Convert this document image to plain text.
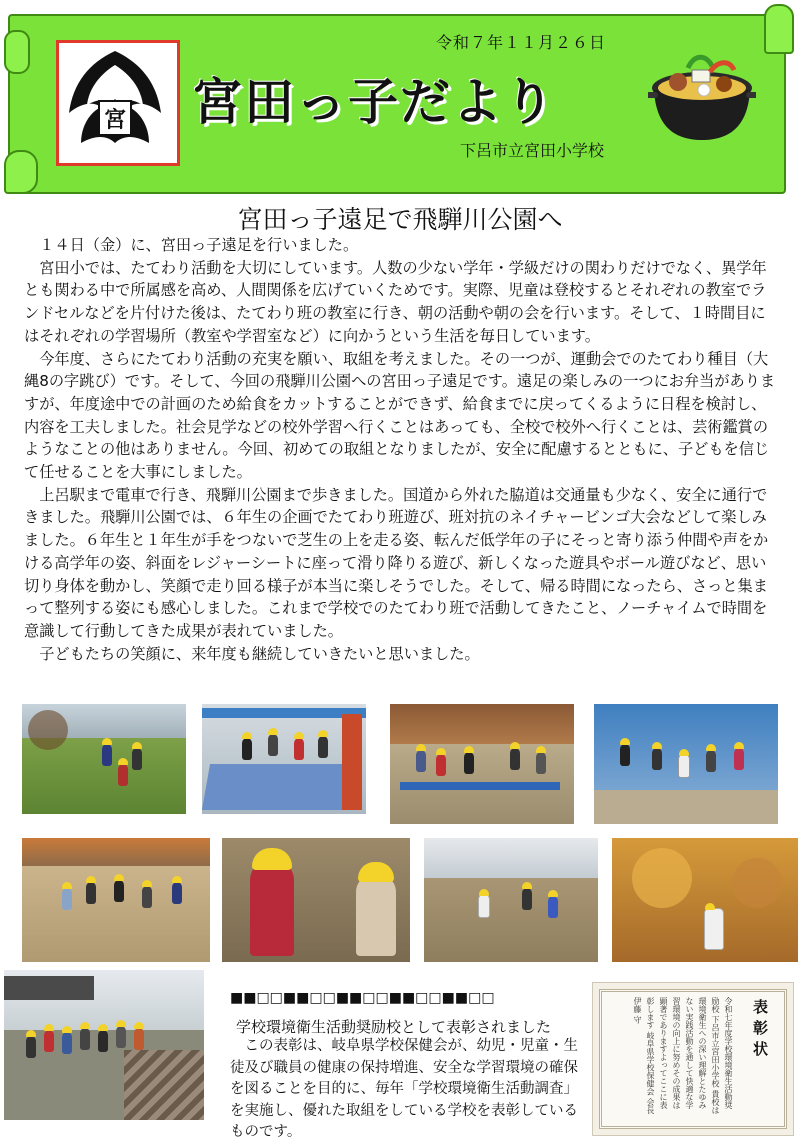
宮
令和７年１１月２６日
宮田っ子だより
下呂市立宮田小学校
宮田っ子遠足で飛騨川公園へ

１４日（金）に、宮田っ子遠足を行いました。

宮田小では、たてわり活動を大切にしています。人数の少ない学年・学級だけの関わりだけでなく、異学年とも関わる中で所属感を高め、人間関係を広げていくためです。実際、児童は登校するとそれぞれの教室でランドセルなどを片付けた後は、たてわり班の教室に行き、朝の活動や朝の会を行います。そして、１時間目にはそれぞれの学習場所（教室や学習室など）に向かうという生活を毎日しています。

今年度、さらにたてわり活動の充実を願い、取組を考えました。その一つが、運動会でのたてわり種目（大縄8の字跳び）です。そして、今回の飛騨川公園への宮田っ子遠足です。遠足の楽しみの一つにお弁当がありますが、年度途中での計画のため給食をカットすることができず、給食までに戻ってくるように日程を検討し、内容を工夫しました。社会見学などの校外学習へ行くことはあっても、全校で校外へ行くことは、芸術鑑賞のようなことの他はありません。今回、初めての取組となりましたが、安全に配慮するとともに、子どもを信じて任せることを大事にしました。

上呂駅まで電車で行き、飛騨川公園まで歩きました。国道から外れた脇道は交通量も少なく、安全に通行できました。飛騨川公園では、６年生の企画でたてわり班遊び、班対抗のネイチャービンゴ大会などして楽しみました。６年生と１年生が手をつないで芝生の上を走る姿、転んだ低学年の子にそっと寄り添う仲間や声をかける高学年の姿、斜面をレジャーシートに座って滑り降りる遊び、新しくなった遊具やボール遊びなど、思い切り身体を動かし、笑顔で走り回る様子が本当に楽しそうでした。そして、帰る時間になったら、さっと集まって整列する姿にも感心しました。これまで学校でのたてわり班で活動してきたこと、ノーチャイムで時間を意識して行動してきた成果が表れていました。

子どもたちの笑顔に、来年度も継続していきたいと思いました。

■■□□■■□□■■□□■■□□■■□□
学校環境衛生活動奨励校として表彰されました

この表彰は、岐阜県学校保健会が、幼児・児童・生徒及び職員の健康の保持増進、安全な学習環境の確保を図ることを目的に、毎年「学校環境衛生活動調査」を実施し、優れた取組をしている学校を表彰しているものです。

表彰状
令和七年度学校環境衛生活動奨励校 下呂市立宮田小学校 貴校は環境衛生への深い理解とたゆみない実践活動を通して快適な学習環境の向上に努めその成果は顕著でありますよってここに表彰します 岐阜県学校保健会 会長 伊藤 守
